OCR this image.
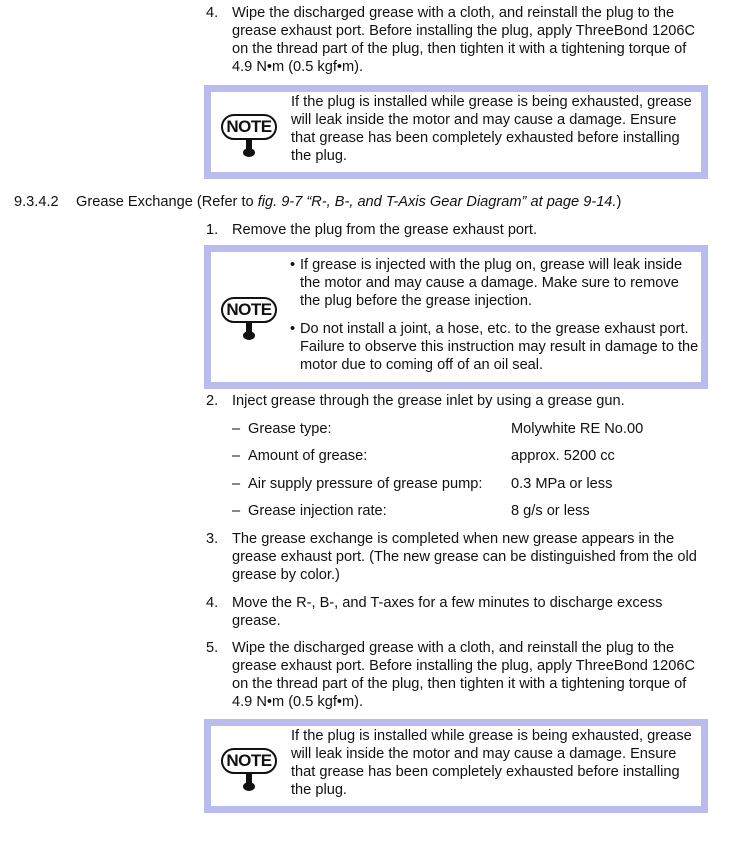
4. Wipe the discharged grease with a cloth, and reinstall the plug to the grease exhaust port. Before installing the plug, apply ThreeBond 1206C on the thread part of the plug, then tighten it with a tightening torque of 4.9 N•m (0.5 kgf•m).

NOTE

If the plug is installed while grease is being exhausted, grease will leak inside the motor and may cause a damage. Ensure that grease has been completely exhausted before installing the plug.

9.3.4.2 Grease Exchange (Refer to fig. 9-7 “R-, B-, and T-Axis Gear Diagram” at page 9-14.)
1. Remove the plug from the grease exhaust port.

NOTE
• If grease is injected with the plug on, grease will leak inside the motor and may cause a damage. Make sure to remove the plug before the grease injection.

• Do not install a joint, a hose, etc. to the grease exhaust port. Failure to observe this instruction may result in damage to the motor due to coming off of an oil seal.

2. Inject grease through the grease inlet by using a grease gun.

– Grease type:	Molywhite RE No.00
– Amount of grease:	approx. 5200 cc
– Air supply pressure of grease pump: 0.3 MPa or less
– Grease injection rate:	8 g/s or less
3. The grease exchange is completed when new grease appears in the grease exhaust port. (The new grease can be distinguished from the old grease by color.)

4. Move the R-, B-, and T-axes for a few minutes to discharge excess grease.

5. Wipe the discharged grease with a cloth, and reinstall the plug to the grease exhaust port. Before installing the plug, apply ThreeBond 1206C on the thread part of the plug, then tighten it with a tightening torque of 4.9 N•m (0.5 kgf•m).

NOTE

If the plug is installed while grease is being exhausted, grease will leak inside the motor and may cause a damage. Ensure that grease has been completely exhausted before installing the plug.
